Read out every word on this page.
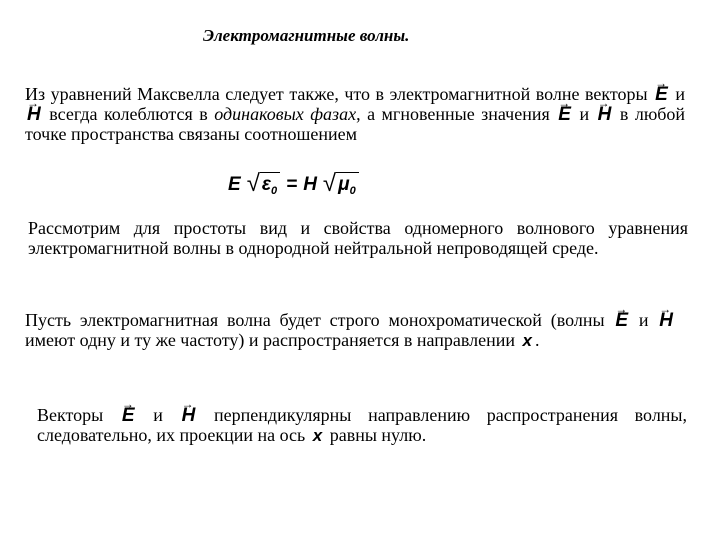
Электромагнитные волны.
Из уравнений Максвелла следует также, что в электромагнитной волне векторы → E и → H всегда колеблются в одинаковых фазах, а мгновенные значения → E и → H в любой точке пространства связаны соотношением
E √ $\varepsilon_0 = H$ √ $\mu_0$
Рассмотрим для простоты вид и свойства одномерного волнового уравнения электромагнитной волны в однородной нейтральной непроводящей среде.
Пусть электромагнитная волна будет строго монохроматической (волны → E и → H имеют одну и ту же частоту) и распространяется в направлении x .
Векторы → E и → H перпендикулярны направлению распространения волны, следовательно, их проекции на ось x равны нулю.
